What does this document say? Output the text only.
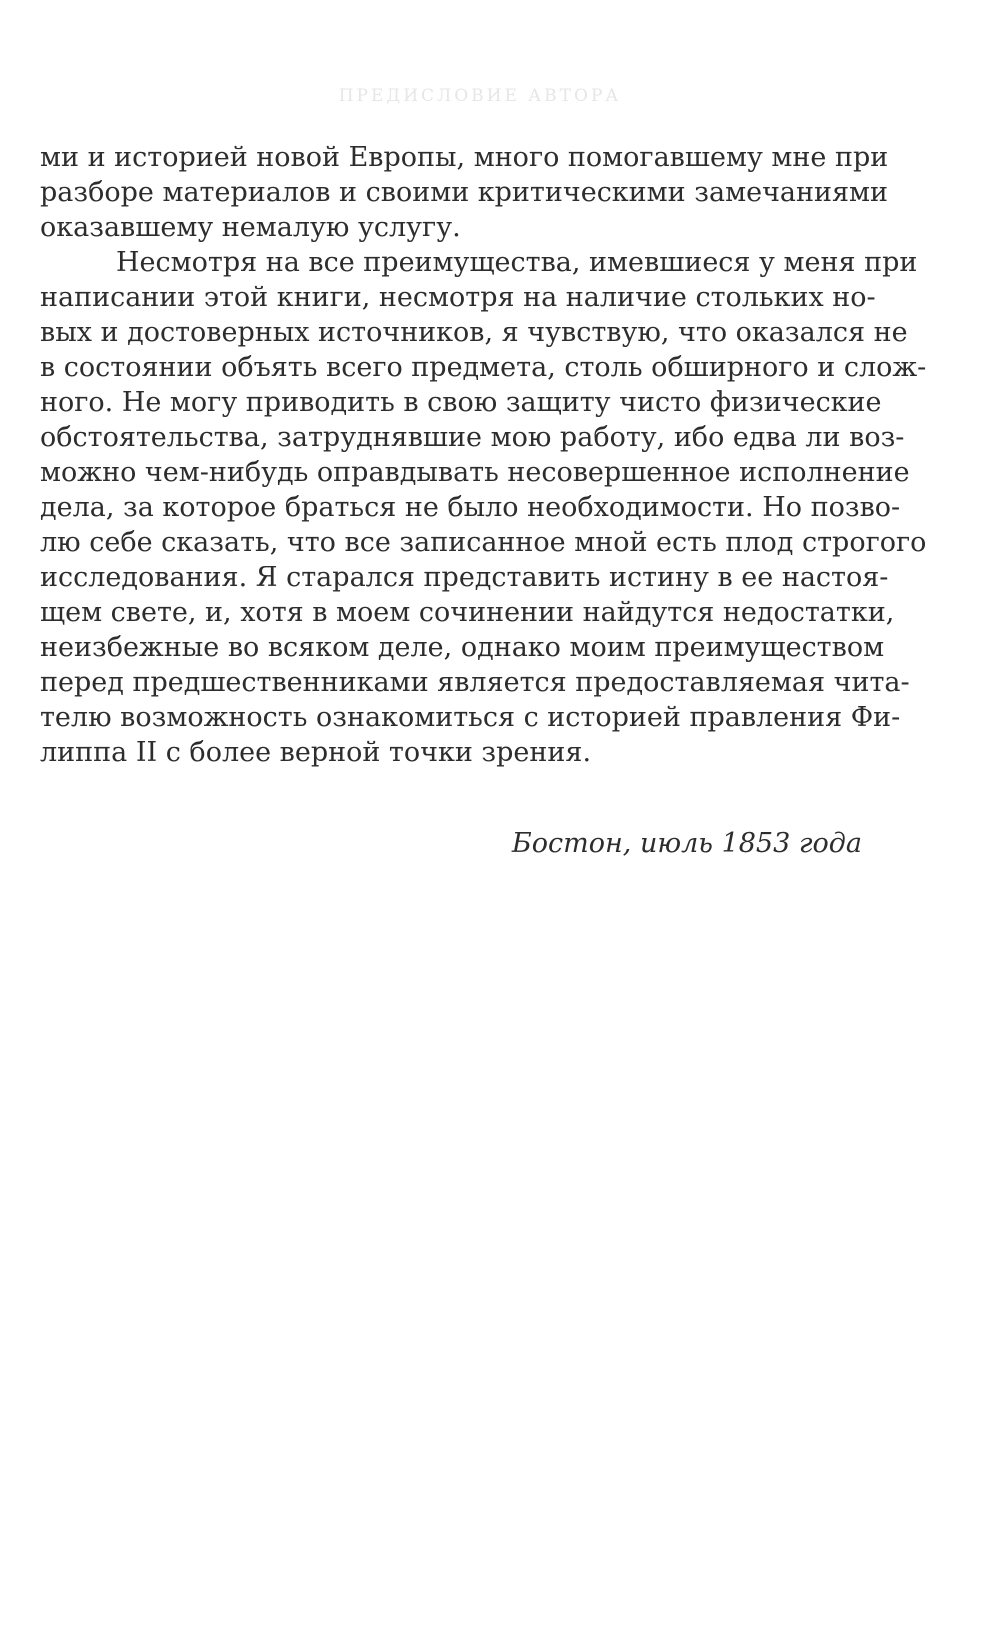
ПРЕДИСЛОВИЕ АВТОРА
ми и историей новой Европы, много помогавшему мне при
разборе материалов и своими критическими замечаниями
оказавшему немалую услугу.
Несмотря на все преимущества, имевшиеся у меня при
написании этой книги, несмотря на наличие стольких но-
вых и достоверных источников, я чувствую, что оказался не
в состоянии объять всего предмета, столь обширного и слож-
ного. Не могу приводить в свою защиту чисто физические
обстоятельства, затруднявшие мою работу, ибо едва ли воз-
можно чем-нибудь оправдывать несовершенное исполнение
дела, за которое браться не было необходимости. Но позво-
лю себе сказать, что все записанное мной есть плод строгого
исследования. Я старался представить истину в ее настоя-
щем свете, и, хотя в моем сочинении найдутся недостатки,
неизбежные во всяком деле, однако моим преимуществом
перед предшественниками является предоставляемая чита-
телю возможность ознакомиться с историей правления Фи-
липпа II с более верной точки зрения.
Бостон, июль 1853 года
